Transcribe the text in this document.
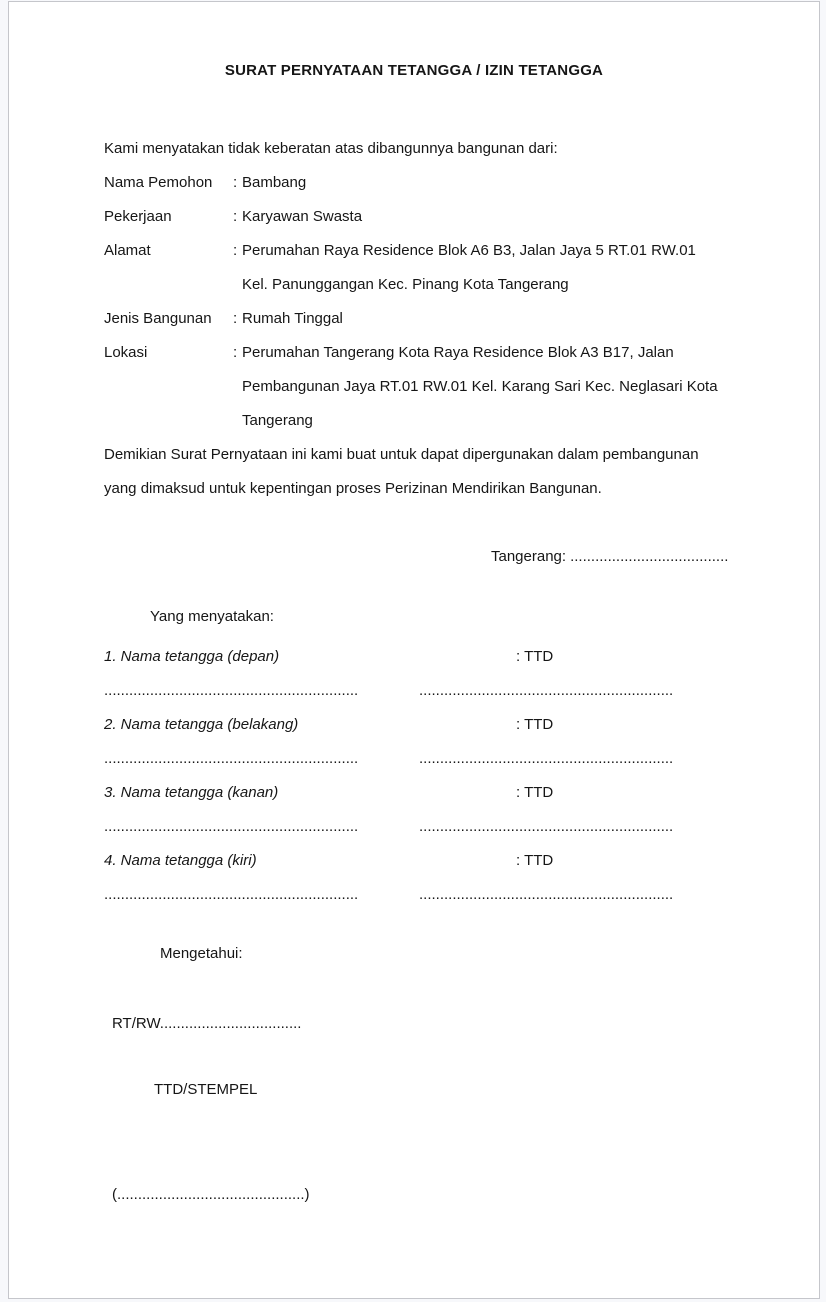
SURAT PERNYATAAN TETANGGA / IZIN TETANGGA

Kami menyatakan tidak keberatan atas dibangunnya bangunan dari:

Nama Pemohon	: Bambang
Pekerjaan	: Karyawan Swasta
Alamat	: Perumahan Raya Residence Blok A6 B3, Jalan Jaya 5 RT.01 RW.01 Kel. Panunggangan Kec. Pinang Kota Tangerang
Jenis Bangunan	: Rumah Tinggal
Lokasi	: Perumahan Tangerang Kota Raya Residence Blok A3 B17, Jalan Pembangunan Jaya RT.01 RW.01 Kel. Karang Sari Kec. Neglasari Kota Tangerang

Demikian Surat Pernyataan ini kami buat untuk dapat dipergunakan dalam pembangunan yang dimaksud untuk kepentingan proses Perizinan Mendirikan Bangunan.

Tangerang: ......................................

Yang menyatakan:

1. Nama tetangga (depan)	: TTD
.............................................................	.............................................................
2. Nama tetangga (belakang)	: TTD
.............................................................	.............................................................
3. Nama tetangga (kanan)	: TTD
.............................................................	.............................................................
4. Nama tetangga (kiri)	: TTD
.............................................................	.............................................................

Mengetahui:

RT/RW..................................

TTD/STEMPEL

(.............................................)
